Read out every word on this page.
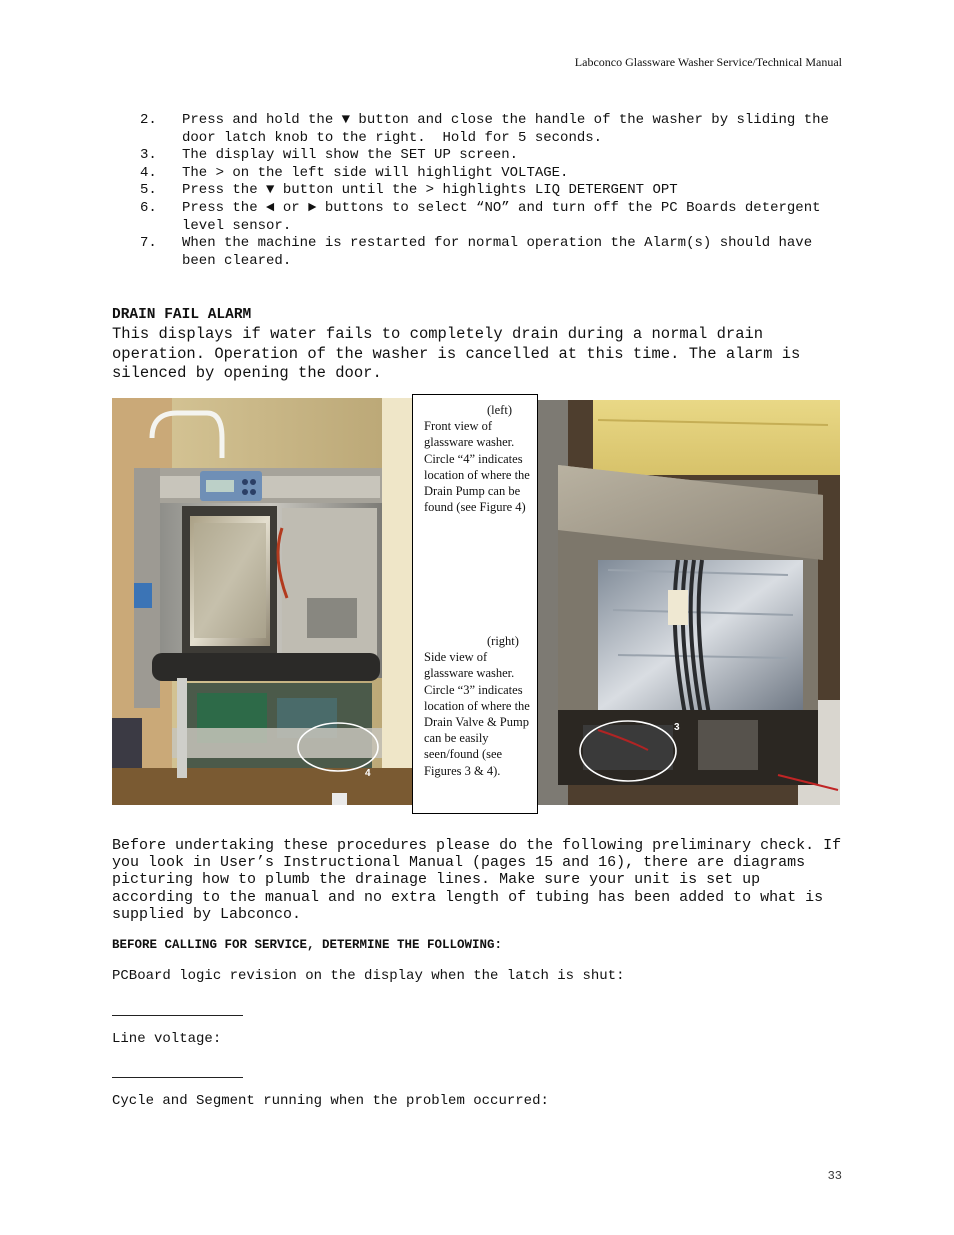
Labconco Glassware Washer Service/Technical Manual
2.	Press and hold the ▼ button and close the handle of the washer by sliding the door latch knob to the right.  Hold for 5 seconds.
3.	The display will show the SET UP screen.
4.	The > on the left side will highlight VOLTAGE.
5.	Press the ▼ button until the > highlights LIQ DETERGENT OPT
6.	Press the ◄ or ► buttons to select “NO” and turn off the PC Boards detergent level sensor.
7.	When the machine is restarted for normal operation the Alarm(s) should have been cleared.
DRAIN FAIL ALARM

This displays if water fails to completely drain during a normal drain operation. Operation of the washer is cancelled at this time. The alarm is silenced by opening the door.

4
(left)
Front view of glassware washer. Circle “4” indicates location of where the Drain Pump can be found (see Figure 4)
(right)
Side view of glassware washer. Circle “3” indicates location of where the Drain Valve & Pump can be easily seen/found (see Figures 3 & 4).
3

Before undertaking these procedures please do the following preliminary check. If you look in User’s Instructional Manual (pages 15 and 16), there are diagrams picturing how to plumb the drainage lines. Make sure your unit is set up according to the manual and no extra length of tubing has been added to what is supplied by Labconco.

BEFORE CALLING FOR SERVICE, DETERMINE THE FOLLOWING:
PCBoard logic revision on the display when the latch is shut:
Line voltage:
Cycle and Segment running when the problem occurred:
33
